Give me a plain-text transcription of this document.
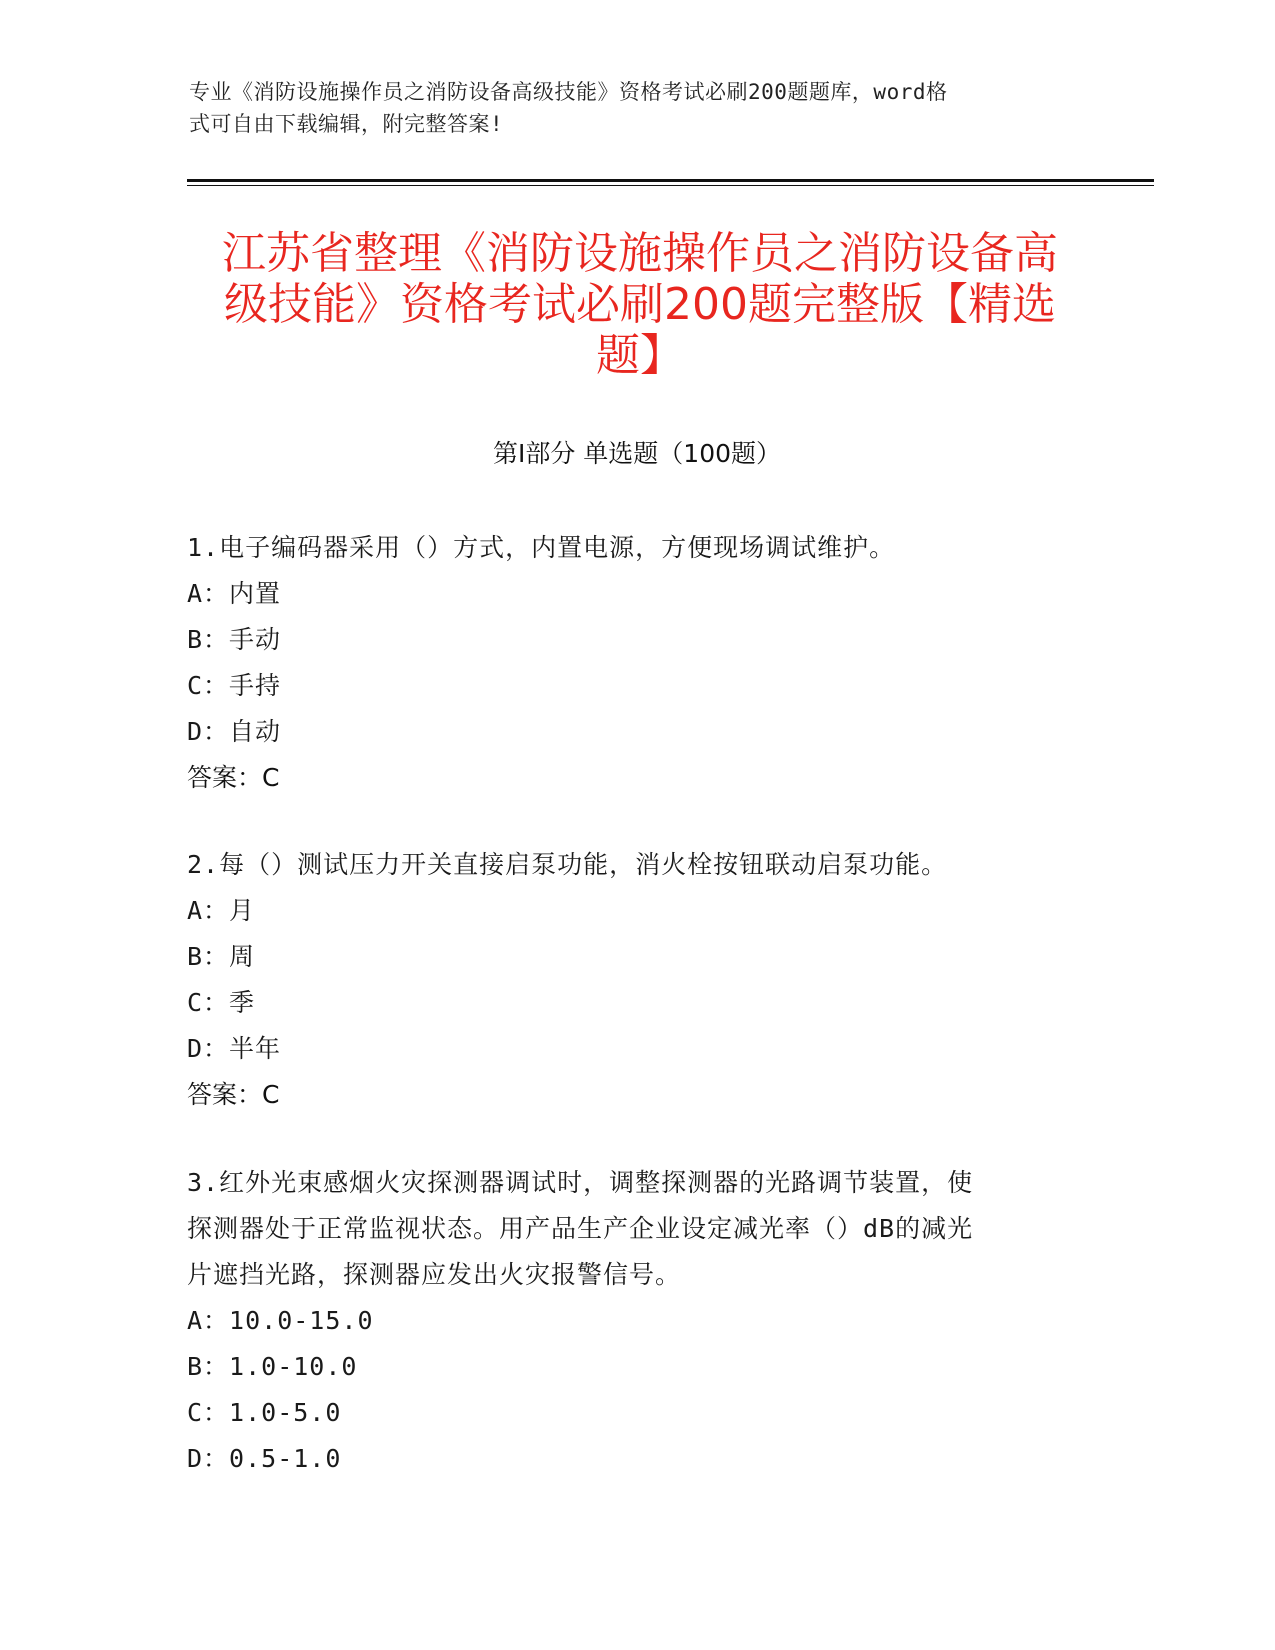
专业《消防设施操作员之消防设备高级技能》资格考试必刷200题题库，word格
式可自由下载编辑，附完整答案!
江苏省整理《消防设施操作员之消防设备高
级技能》资格考试必刷200题完整版【精选
题】
第I部分 单选题（100题）
1.电子编码器采用（）方式，内置电源，方便现场调试维护。
A：内置
B：手动
C：手持
D：自动
答案：C
2.每（）测试压力开关直接启泵功能，消火栓按钮联动启泵功能。
A：月
B：周
C：季
D：半年
答案：C
3.红外光束感烟火灾探测器调试时，调整探测器的光路调节装置，使
探测器处于正常监视状态。用产品生产企业设定减光率（）dB的减光
片遮挡光路，探测器应发出火灾报警信号。
A：10.0-15.0
B：1.0-10.0
C：1.0-5.0
D：0.5-1.0
